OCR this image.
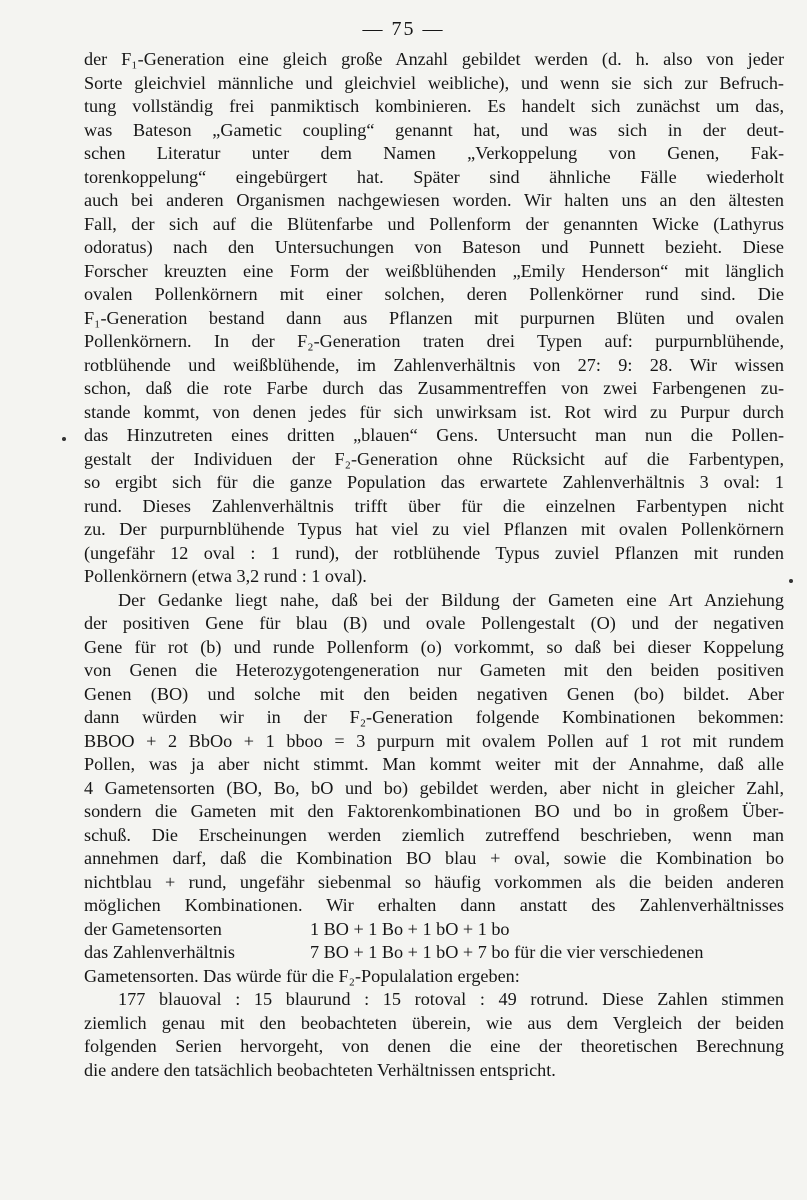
— 75 —
der F₁-Generation eine gleich große Anzahl gebildet werden (d. h. also von jeder
Sorte gleichviel männliche und gleichviel weibliche), und wenn sie sich zur Befruch-
tung vollständig frei panmiktisch kombinieren. Es handelt sich zunächst um das,
was Bateson „Gametic coupling“ genannt hat, und was sich in der deut-
schen Literatur unter dem Namen „Verkoppelung von Genen, Fak-
torenkoppelung“ eingebürgert hat. Später sind ähnliche Fälle wiederholt
auch bei anderen Organismen nachgewiesen worden. Wir halten uns an den ältesten
Fall, der sich auf die Blütenfarbe und Pollenform der genannten Wicke (Lathyrus
odoratus) nach den Untersuchungen von Bateson und Punnett bezieht. Diese
Forscher kreuzten eine Form der weißblühenden „Emily Henderson“ mit länglich
ovalen Pollenkörnern mit einer solchen, deren Pollenkörner rund sind. Die
F₁-Generation bestand dann aus Pflanzen mit purpurnen Blüten und ovalen
Pollenkörnern. In der F₂-Generation traten drei Typen auf: purpurnblühende,
rotblühende und weißblühende, im Zahlenverhältnis von 27: 9: 28. Wir wissen
schon, daß die rote Farbe durch das Zusammentreffen von zwei Farbengenen zu-
stande kommt, von denen jedes für sich unwirksam ist. Rot wird zu Purpur durch
das Hinzutreten eines dritten „blauen“ Gens. Untersucht man nun die Pollen-
gestalt der Individuen der F₂-Generation ohne Rücksicht auf die Farbentypen,
so ergibt sich für die ganze Population das erwartete Zahlenverhältnis 3 oval: 1
rund. Dieses Zahlenverhältnis trifft über für die einzelnen Farbentypen nicht
zu. Der purpurnblühende Typus hat viel zu viel Pflanzen mit ovalen Pollenkörnern
(ungefähr 12 oval : 1 rund), der rotblühende Typus zuviel Pflanzen mit runden
Pollenkörnern (etwa 3,2 rund : 1 oval).
Der Gedanke liegt nahe, daß bei der Bildung der Gameten eine Art Anziehung
der positiven Gene für blau (B) und ovale Pollengestalt (O) und der negativen
Gene für rot (b) und runde Pollenform (o) vorkommt, so daß bei dieser Koppelung
von Genen die Heterozygotengeneration nur Gameten mit den beiden positiven
Genen (BO) und solche mit den beiden negativen Genen (bo) bildet. Aber
dann würden wir in der F₂-Generation folgende Kombinationen bekommen:
BBOO + 2 BbOo + 1 bboo = 3 purpurn mit ovalem Pollen auf 1 rot mit rundem
Pollen, was ja aber nicht stimmt. Man kommt weiter mit der Annahme, daß alle
4 Gametensorten (BO, Bo, bO und bo) gebildet werden, aber nicht in gleicher Zahl,
sondern die Gameten mit den Faktorenkombinationen BO und bo in großem Über-
schuß. Die Erscheinungen werden ziemlich zutreffend beschrieben, wenn man
annehmen darf, daß die Kombination BO blau + oval, sowie die Kombination bo
nichtblau + rund, ungefähr siebenmal so häufig vorkommen als die beiden anderen
möglichen Kombinationen. Wir erhalten dann anstatt des Zahlenverhältnisses
der Gametensorten	1 BO + 1 Bo + 1 bO + 1 bo
das Zahlenverhältnis	7 BO + 1 Bo + 1 bO + 7 bo für die vier verschiedenen
Gametensorten. Das würde für die F₂-Populalation ergeben:
177 blauoval : 15 blaurund : 15 rotoval : 49 rotrund. Diese Zahlen stimmen
ziemlich genau mit den beobachteten überein, wie aus dem Vergleich der beiden
folgenden Serien hervorgeht, von denen die eine der theoretischen Berechnung
die andere den tatsächlich beobachteten Verhältnissen entspricht.
